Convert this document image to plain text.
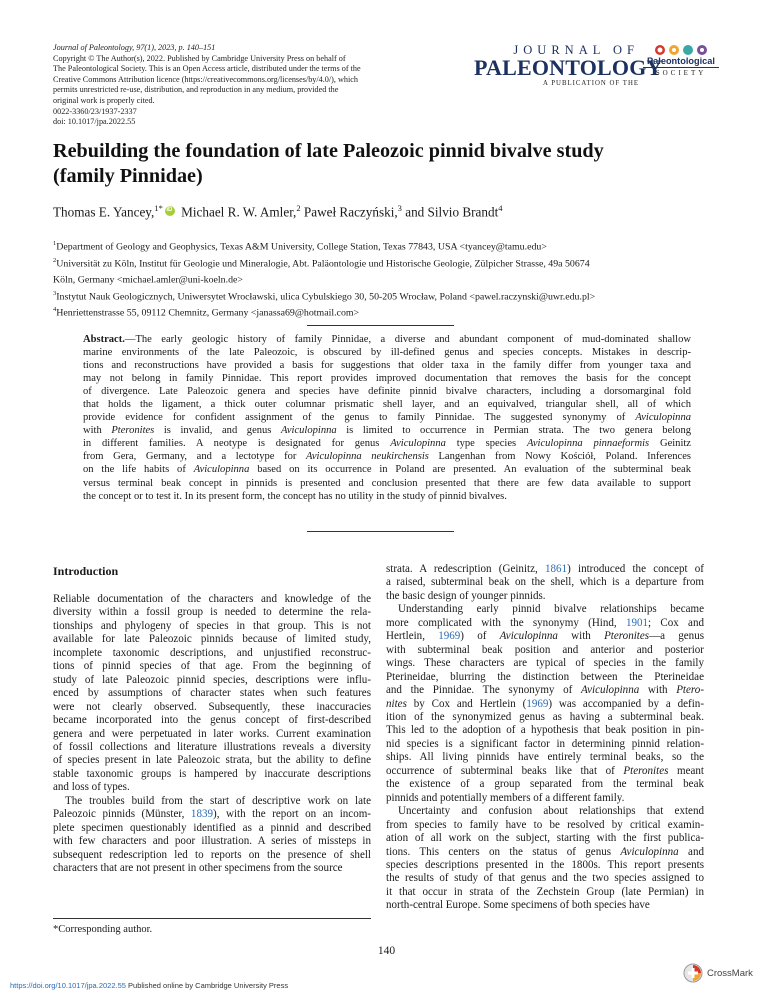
Journal of Paleontology, 97(1), 2023, p. 140–151
Copyright © The Author(s), 2022. Published by Cambridge University Press on behalf of
The Paleontological Society. This is an Open Access article, distributed under the terms of the
Creative Commons Attribution licence (https://creativecommons.org/licenses/by/4.0/), which
permits unrestricted re-use, distribution, and reproduction in any medium, provided the
original work is properly cited.
0022-3360/23/1937-2337
doi: 10.1017/jpa.2022.55
JOURNAL OF
PALEONTOLOGY
A PUBLICATION OF THE
Paleontological
SOCIETY
Rebuilding the foundation of late Paleozoic pinnid bivalve study
(family Pinnidae)
Thomas E. Yancey,$^{1*}$iD Michael R. W. Amler,$^2$ Paweł Raczyński,$^3$ and Silvio Brandt$^4$
$^1$Department of Geology and Geophysics, Texas A&M University, College Station, Texas 77843, USA <tyancey@tamu.edu>
$^2$Universität zu Köln, Institut für Geologie und Mineralogie, Abt. Paläontologie und Historische Geologie, Zülpicher Strasse, 49a 50674
Köln, Germany <michael.amler@uni-koeln.de>
$^3$Instytut Nauk Geologicznych, Uniwersytet Wrocławski, ulica Cybulskiego 30, 50-205 Wrocław, Poland <pawel.raczynski@uwr.edu.pl>
$^4$Henriettenstrasse 55, 09112 Chemnitz, Germany <janassa69@hotmail.com>
Abstract.—The early geologic history of family Pinnidae, a diverse and abundant component of mud-dominated shallow
marine environments of the late Paleozoic, is obscured by ill-defined genus and species concepts. Mistakes in descrip-
tions and reconstructions have provided a basis for suggestions that older taxa in the family differ from younger taxa and
may not belong in family Pinnidae. This report provides improved documentation that removes the basis for the concept
of divergence. Late Paleozoic genera and species have definite pinnid bivalve characters, including a dorsomarginal fold
that holds the ligament, a thick outer columnar prismatic shell layer, and an equivalved, triangular shell, all of which
provide evidence for confident assignment of the genus to family Pinnidae. The suggested synonymy of Aviculopinna
with Pteronites is invalid, and genus Aviculopinna is limited to occurrence in Permian strata. The two genera belong
in different families. A neotype is designated for genus Aviculopinna type species Aviculopinna pinnaeformis Geinitz
from Gera, Germany, and a lectotype for Aviculopinna neukirchensis Langenhan from Nowy Kościół, Poland. Inferences
on the life habits of Aviculopinna based on its occurrence in Poland are presented. An evaluation of the subterminal beak
versus terminal beak concept in pinnids is presented and conclusion presented that there are few data available to support
the concept or to test it. In its present form, the concept has no utility in the study of pinnid bivalves.
Introduction
Reliable documentation of the characters and knowledge of the
diversity within a fossil group is needed to determine the rela-
tionships and phylogeny of species in that group. This is not
available for late Paleozoic pinnids because of limited study,
incomplete taxonomic descriptions, and unjustified reconstruc-
tions of pinnid species of that age. From the beginning of
study of late Paleozoic pinnid species, descriptions were influ-
enced by assumptions of character states when such features
were not clearly observed. Subsequently, these inaccuracies
became incorporated into the genus concept of first-described
genera and were perpetuated in later works. Current examination
of fossil collections and literature illustrations reveals a diversity
of species present in late Paleozoic strata, but the ability to define
stable taxonomic groups is hampered by inaccurate descriptions
and loss of types.
The troubles build from the start of descriptive work on late
Paleozoic pinnids (Münster, 1839), with the report on an incom-
plete specimen questionably identified as a pinnid and described
with few characters and poor illustration. A series of missteps in
subsequent redescription led to reports on the presence of shell
characters that are not present in other specimens from the source
strata. A redescription (Geinitz, 1861) introduced the concept of
a raised, subterminal beak on the shell, which is a departure from
the basic design of younger pinnids.
Understanding early pinnid bivalve relationships became
more complicated with the synonymy (Hind, 1901; Cox and
Hertlein, 1969) of Aviculopinna with Pteronites—a genus
with subterminal beak position and anterior and posterior
wings. These characters are typical of species in the family
Pterineidae, blurring the distinction between the Pterineidae
and the Pinnidae. The synonymy of Aviculopinna with Ptero-
nites by Cox and Hertlein (1969) was accompanied by a defin-
ition of the synonymized genus as having a subterminal beak.
This led to the adoption of a hypothesis that beak position in pin-
nid species is a significant factor in determining pinnid relation-
ships. All living pinnids have entirely terminal beaks, so the
occurrence of subterminal beaks like that of Pteronites meant
the existence of a group separated from the terminal beak
pinnids and potentially members of a different family.
Uncertainty and confusion about relationships that extend
from species to family have to be resolved by critical examin-
ation of all work on the subject, starting with the first publica-
tions. This centers on the status of genus Aviculopinna and
species descriptions presented in the 1800s. This report presents
the results of study of that genus and the two species assigned to
it that occur in strata of the Zechstein Group (late Permian) in
north-central Europe. Some specimens of both species have
*Corresponding author.
140
https://doi.org/10.1017/jpa.2022.55 Published online by Cambridge University Press
CrossMark
